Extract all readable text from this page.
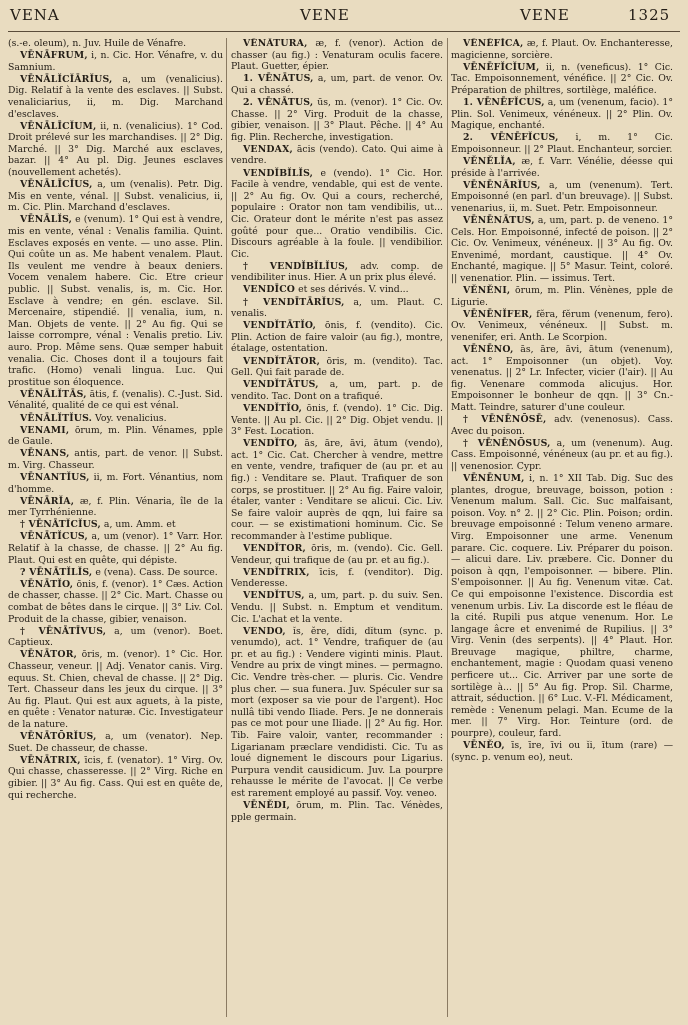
VENA	VENE	VENE	1325

(s.-e. oleum), n. Juv. Huile de Vénafre.

VĒNĀFRUM, i, n. Cic. Hor. Vénafre, v. du Samnium.

VĒNĀLĬCĬĀRĬUS, a, um (venalicius). Dig. Relatif à la vente des esclaves. || Subst. venaliciarius, ii, m. Dig. Marchand d'esclaves.

VĒNĀLĪCĬUM, ii, n. (venalicius). 1° Cod. Droit prélevé sur les marchandises. || 2° Dig. Marché. || 3° Dig. Marché aux esclaves, bazar. || 4° Au pl. Dig. Jeunes esclaves (nouvellement achetés).

VĒNĀLĪCĬUS, a, um (venalis). Petr. Dig. Mis en vente, vénal. || Subst. venalicius, ii, m. Cic. Plin. Marchand d'esclaves.

VĒNĀLĬS, e (venum). 1° Qui est à vendre, mis en vente, vénal : Venalis familia. Quint. Esclaves exposés en vente. — uno asse. Plin. Qui coûte un as. Me habent venalem. Plaut. Ils veulent me vendre à beaux deniers. Vocem venalem habere. Cic. Etre crieur public. || Subst. venalis, is, m. Cic. Hor. Esclave à vendre; en gén. esclave. Sil. Mercenaire, stipendié. || venalia, ium, n. Man. Objets de vente. || 2° Au fig. Qui se laisse corrompre, vénal : Venalis pretio. Liv. auro. Prop. Même sens. Quæ semper habuit venalia. Cic. Choses dont il a toujours fait trafic. (Homo) venali lingua. Luc. Qui prostitue son éloquence.

VĒNĀLĬTĀS, ātis, f. (venalis). C.-Just. Sid. Vénalité, qualité de ce qui est vénal.

VĒNĀLĬTĬUS. Voy. venalicius.

VENAMI, ōrum, m. Plin. Vénames, pple de Gaule.

VĒNANS, antis, part. de venor. || Subst. m. Virg. Chasseur.

VĒNANTĬUS, ii, m. Fort. Vénantius, nom d'homme.

VĒNĀRĬA, æ, f. Plin. Vénaria, île de la mer Tyrrhénienne.

† VĒNĀTĬCĬUS, a, um. Amm. et

VĒNĀTĬCUS, a, um (venor). 1° Varr. Hor. Relatif à la chasse, de chasse. || 2° Au fig. Plaut. Qui est en quête, qui dépiste.

? VĒNĀTĬLĬS, e (vena). Cass. De source.

VĒNĀTĬO, ōnis, f. (venor). 1° Cæs. Action de chasser, chasse. || 2° Cic. Mart. Chasse ou combat de bêtes dans le cirque. || 3° Liv. Col. Produit de la chasse, gibier, venaison.

† VĒNĀTĪVUS, a, um (venor). Boet. Captieux.

VĒNĀTOR, ōris, m. (venor). 1° Cic. Hor. Chasseur, veneur. || Adj. Venator canis. Virg. equus. St. Chien, cheval de chasse. || 2° Dig. Tert. Chasseur dans les jeux du cirque. || 3° Au fig. Plaut. Qui est aux aguets, à la piste, en quête : Venator naturæ. Cic. Investigateur de la nature.

VĒNĀTŌRĬUS, a, um (venator). Nep. Suet. De chasseur, de chasse.

VĒNĀTRIX, īcis, f. (venator). 1° Virg. Ov. Qui chasse, chasseresse. || 2° Virg. Riche en gibier. || 3° Au fig. Cass. Qui est en quête de, qui recherche.

VĒNĀTŪRA, æ, f. (venor). Action de chasser (au fig.) : Venaturam oculis facere. Plaut. Guetter, épier.

1. VĒNĀTUS, a, um, part. de venor. Ov. Qui a chassé.

2. VĒNĀTUS, ūs, m. (venor). 1° Cic. Ov. Chasse. || 2° Virg. Produit de la chasse, gibier, venaison. || 3° Plaut. Pêche. || 4° Au fig. Plin. Recherche, investigation.

VENDAX, ācis (vendo). Cato. Qui aime à vendre.

VENDĬBĬLĬS, e (vendo). 1° Cic. Hor. Facile à vendre, vendable, qui est de vente. || 2° Au fig. Ov. Qui a cours, recherché, populaire : Orator non tam vendibilis, ut... Cic. Orateur dont le mérite n'est pas assez goûté pour que... Oratio vendibilis. Cic. Discours agréable à la foule. || vendibilior. Cic.

† VENDĬBĬLĬUS, adv. comp. de vendibiliter inus. Hier. A un prix plus élevé.

VENDĪCO et ses dérivés. V. vind...

† VENDĪTĀRĬUS, a, um. Plaut. C. venalis.

VENDĬTĀTĬO, ōnis, f. (vendito). Cic. Plin. Action de faire valoir (au fig.), montre, étalage, ostentation.

VENDĬTĀTOR, ōris, m. (vendito). Tac. Gell. Qui fait parade de.

VENDĬTĀTUS, a, um, part. p. de vendito. Tac. Dont on a trafiqué.

VENDĬTĬO, ōnis, f. (vendo). 1° Cic. Dig. Vente. || Au pl. Cic. || 2° Dig. Objet vendu. || 3° Fest. Location.

VENDĬTO, ās, āre, āvi, ātum (vendo), act. 1° Cic. Cat. Chercher à vendre, mettre en vente, vendre, trafiquer de (au pr. et au fig.) : Venditare se. Plaut. Trafiquer de son corps, se prostituer. || 2° Au fig. Faire valoir, étaler, vanter : Venditare se alicui. Cic. Liv. Se faire valoir auprès de qqn, lui faire sa cour. — se existimationi hominum. Cic. Se recommander à l'estime publique.

VENDĬTOR, ōris, m. (vendo). Cic. Gell. Vendeur, qui trafique de (au pr. et au fig.).

VENDĬTRIX, īcis, f. (venditor). Dig. Venderesse.

VENDĬTUS, a, um, part. p. du suiv. Sen. Vendu. || Subst. n. Emptum et venditum. Cic. L'achat et la vente.

VENDO, ĭs, ĕre, dĭdi, dĭtum (sync. p. venumdo), act. 1° Vendre, trafiquer de (au pr. et au fig.) : Vendere viginti minis. Plaut. Vendre au prix de vingt mines. — permagno. Cic. Vendre très-cher. — pluris. Cic. Vendre plus cher. — sua funera. Juv. Spéculer sur sa mort (exposer sa vie pour de l'argent). Hoc nullâ tibi vendo Iliade. Pers. Je ne donnerais pas ce mot pour une Iliade. || 2° Au fig. Hor. Tib. Faire valoir, vanter, recommander : Ligarianam præclare vendidisti. Cic. Tu as loué dignement le discours pour Ligarius. Purpura vendit causidicum. Juv. La pourpre rehausse le mérite de l'avocat. || Ce verbe est rarement employé au passif. Voy. veneo.

VĒNĔDI, ōrum, m. Plin. Tac. Vénèdes, pple germain.

VĒNĒFĬCA, æ, f. Plaut. Ov. Enchanteresse, magicienne, sorcière.

VĒNĒFĬCĬUM, ii, n. (veneficus). 1° Cic. Tac. Empoisonnement, vénéfice. || 2° Cic. Ov. Préparation de philtres, sortilège, maléfice.

1. VĒNĒFĬCUS, a, um (venenum, facio). 1° Plin. Sol. Venimeux, vénéneux. || 2° Plin. Ov. Magique, enchanté.

2. VĒNĒFĬCUS, i, m. 1° Cic. Empoisonneur. || 2° Plaut. Enchanteur, sorcier.

VĔNĔLĬA, æ, f. Varr. Vénélie, déesse qui préside à l'arrivée.

VĒNĒNĀRĬUS, a, um (venenum). Tert. Empoisonné (en parl. d'un breuvage). || Subst. venenarius, ii, m. Suet. Petr. Empoisonneur.

VĒNĒNĀTUS, a, um, part. p. de veneno. 1° Cels. Hor. Empoisonné, infecté de poison. || 2° Cic. Ov. Venimeux, vénéneux. || 3° Au fig. Ov. Envenimé, mordant, caustique. || 4° Ov. Enchanté, magique. || 5° Masur. Teint, coloré. || venenatior. Plin. — issimus. Tert.

VĔNĔNI, ōrum, m. Plin. Vénènes, pple de Ligurie.

VĒNĒNĬFER, fĕra, fĕrum (venenum, fero). Ov. Venimeux, vénéneux. || Subst. m. venenifer, eri. Anth. Le Scorpion.

VĒNĒNO, ās, āre, āvi, ātum (venenum), act. 1° Empoisonner (un objet). Voy. venenatus. || 2° Lr. Infecter, vicier (l'air). || Au fig. Venenare commoda alicujus. Hor. Empoisonner le bonheur de qqn. || 3° Cn.-Matt. Teindre, saturer d'une couleur.

† VĒNĒNŌSĒ, adv. (venenosus). Cass. Avec du poison.

† VĒNĒNŌSUS, a, um (venenum). Aug. Cass. Empoisonné, vénéneux (au pr. et au fig.). || venenosior. Cypr.

VĒNĒNUM, i, n. 1° XII Tab. Dig. Suc des plantes, drogue, breuvage, boisson, potion : Venenum malum. Sall. Cic. Suc malfaisant, poison. Voy. n° 2. || 2° Cic. Plin. Poison; ordin. breuvage empoisonné : Telum veneno armare. Virg. Empoisonner une arme. Venenum parare. Cic. coquere. Liv. Préparer du poison. — alicui dare. Liv. præbere. Cic. Donner du poison à qqn, l'empoisonner. — bibere. Plin. S'empoisonner. || Au fig. Venenum vitæ. Cat. Ce qui empoisonne l'existence. Discordia est venenum urbis. Liv. La discorde est le fléau de la cité. Rupili pus atque venenum. Hor. Le langage âcre et envenimé de Rupilius. || 3° Virg. Venin (des serpents). || 4° Plaut. Hor. Breuvage magique, philtre, charme, enchantement, magie : Quodam quasi veneno perficere ut... Cic. Arriver par une sorte de sortilège à... || 5° Au fig. Prop. Sil. Charme, attrait, séduction. || 6° Luc. V.-Fl. Médicament, remède : Venenum pelagi. Man. Ecume de la mer. || 7° Virg. Hor. Teinture (ord. de pourpre), couleur, fard.

VĒNĔO, īs, īre, īvi ou ĭi, ītum (rare) — (sync. p. venum eo), neut.
